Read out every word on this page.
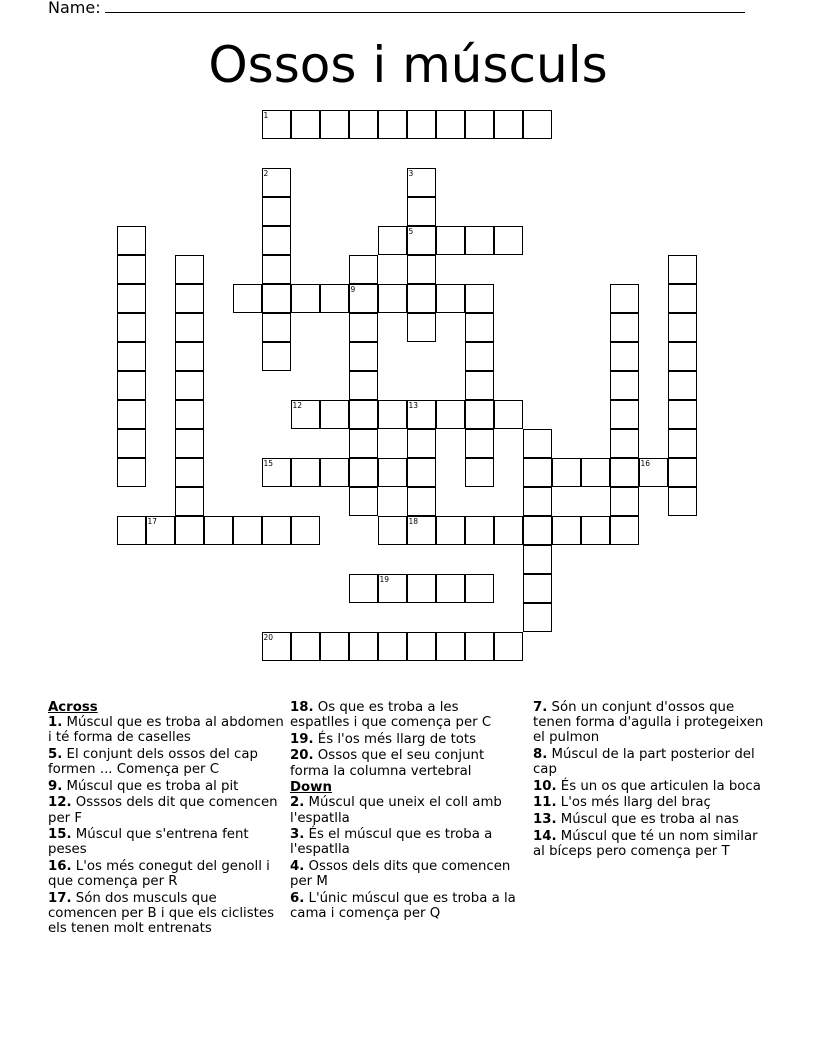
Name:
Ossos i músculs
1
2	3
5
9
12	13
18
15	16
17
19
20
Across
1. Múscul que es troba al abdomen i té forma de caselles
5. El conjunt dels ossos del cap formen ... Comença per C
9. Múscul que es troba al pit
12. Osssos dels dit que comencen per F
15. Múscul que s'entrena fent peses
16. L'os més conegut del genoll i que comença per R
17. Són dos musculs que comencen per B i que els ciclistes els tenen molt entrenats
18. Os que es troba a les espatlles i que comença per C
19. És l'os més llarg de tots
20. Ossos que el seu conjunt forma la columna vertebral
Down
2. Múscul que uneix el coll amb l'espatlla
3. És el múscul que es troba a l'espatlla
4. Ossos dels dits que comencen per M
6. L'únic múscul que es troba a la cama i comença per Q
7. Són un conjunt d'ossos que tenen forma d'agulla i protegeixen el pulmon
8. Múscul de la part posterior del cap
10. És un os que articulen la boca
11. L'os més llarg del braç
13. Múscul que es troba al nas
14. Múscul que té un nom similar al bíceps pero comença per T
